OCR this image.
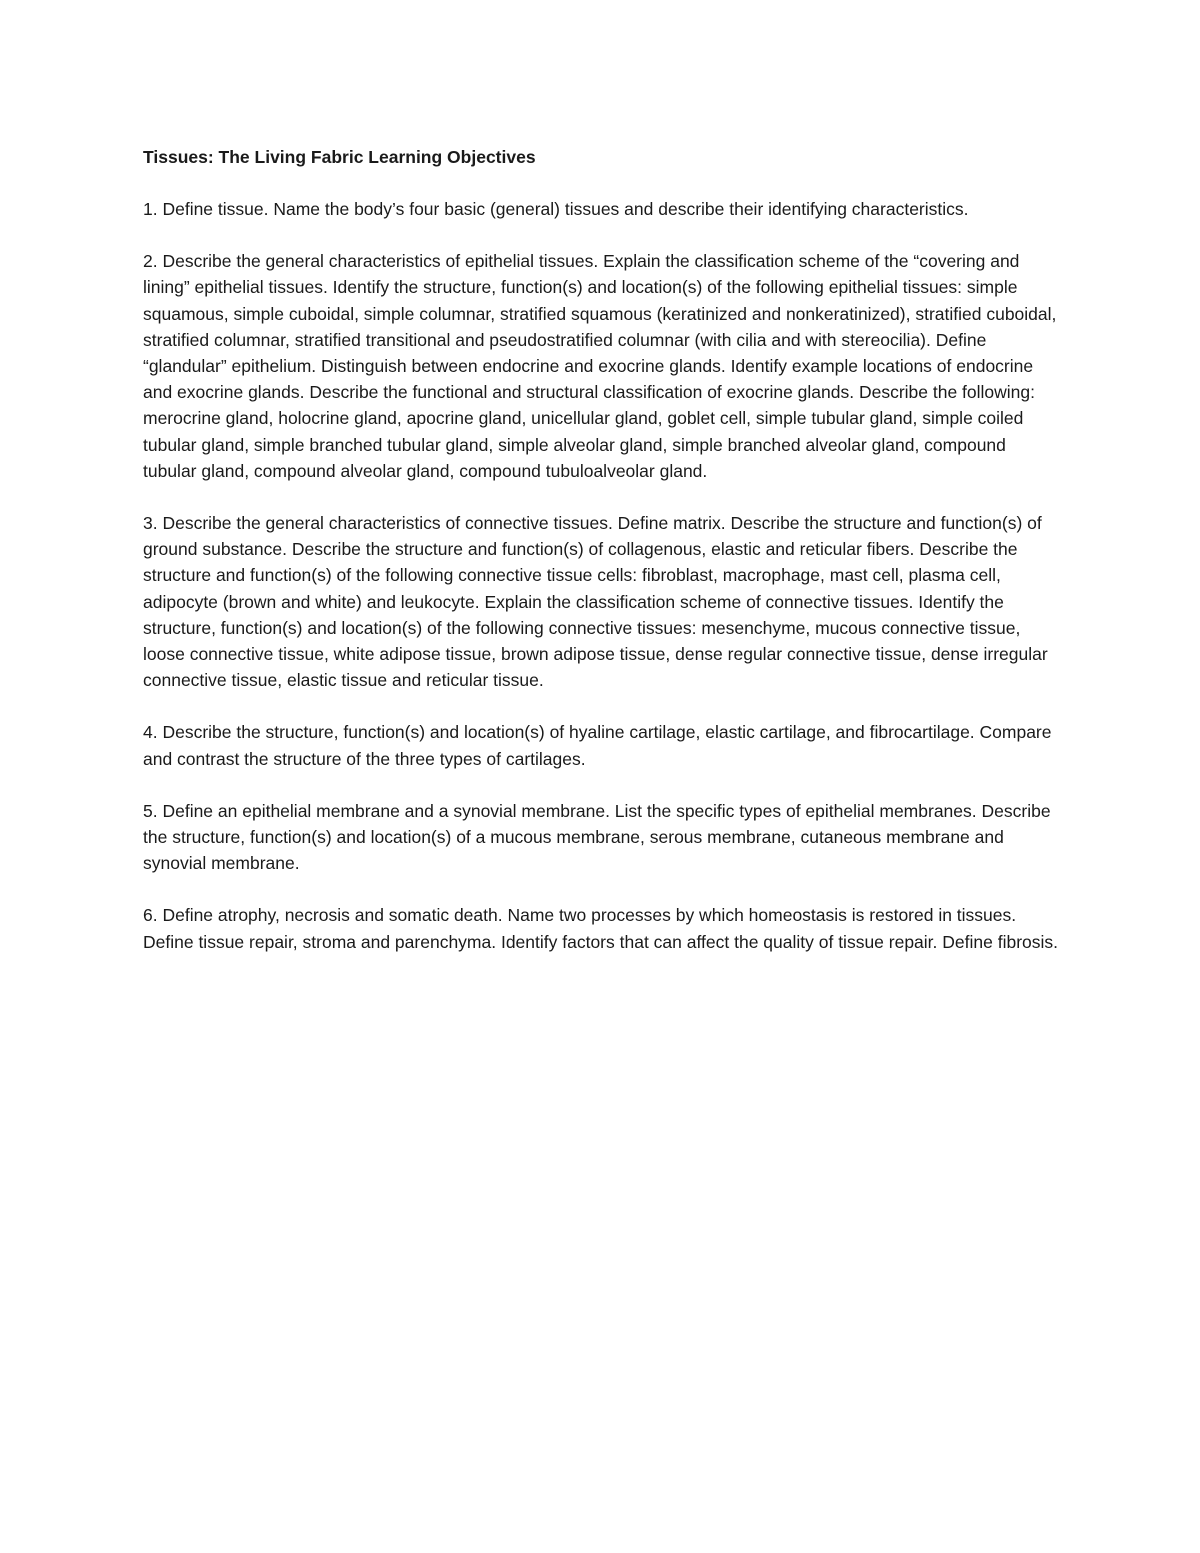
Tissues: The Living Fabric Learning Objectives

1. Define tissue. Name the body’s four basic (general) tissues and describe their identifying characteristics.

2. Describe the general characteristics of epithelial tissues. Explain the classification scheme of the “covering and lining” epithelial tissues. Identify the structure, function(s) and location(s) of the following epithelial tissues: simple squamous, simple cuboidal, simple columnar, stratified squamous (keratinized and nonkeratinized), stratified cuboidal, stratified columnar, stratified transitional and pseudostratified columnar (with cilia and with stereocilia). Define “glandular” epithelium. Distinguish between endocrine and exocrine glands. Identify example locations of endocrine and exocrine glands. Describe the functional and structural classification of exocrine glands. Describe the following: merocrine gland, holocrine gland, apocrine gland, unicellular gland, goblet cell, simple tubular gland, simple coiled tubular gland, simple branched tubular gland, simple alveolar gland, simple branched alveolar gland, compound tubular gland, compound alveolar gland, compound tubuloalveolar gland.

3. Describe the general characteristics of connective tissues. Define matrix. Describe the structure and function(s) of ground substance. Describe the structure and function(s) of collagenous, elastic and reticular fibers. Describe the structure and function(s) of the following connective tissue cells: fibroblast, macrophage, mast cell, plasma cell, adipocyte (brown and white) and leukocyte. Explain the classification scheme of connective tissues. Identify the structure, function(s) and location(s) of the following connective tissues: mesenchyme, mucous connective tissue, loose connective tissue, white adipose tissue, brown adipose tissue, dense regular connective tissue, dense irregular connective tissue, elastic tissue and reticular tissue.

4. Describe the structure, function(s) and location(s) of hyaline cartilage, elastic cartilage, and fibrocartilage. Compare and contrast the structure of the three types of cartilages.

5. Define an epithelial membrane and a synovial membrane. List the specific types of epithelial membranes. Describe the structure, function(s) and location(s) of a mucous membrane, serous membrane, cutaneous membrane and synovial membrane.

6. Define atrophy, necrosis and somatic death. Name two processes by which homeostasis is restored in tissues. Define tissue repair, stroma and parenchyma. Identify factors that can affect the quality of tissue repair. Define fibrosis.
